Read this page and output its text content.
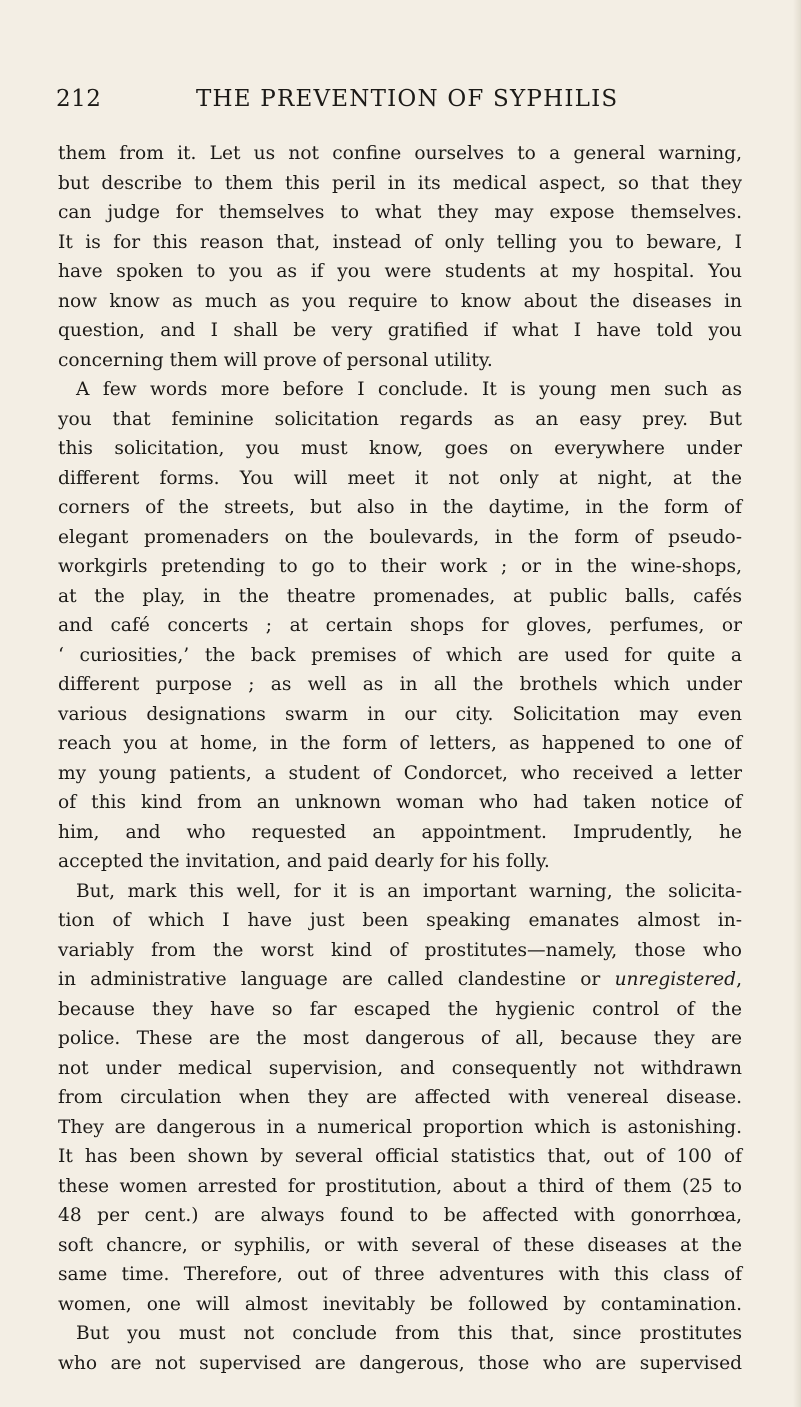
212	THE PREVENTION OF SYPHILIS
them from it. Let us not confine ourselves to a general warning,
but describe to them this peril in its medical aspect, so that they
can judge for themselves to what they may expose themselves.
It is for this reason that, instead of only telling you to beware, I
have spoken to you as if you were students at my hospital. You
now know as much as you require to know about the diseases in
question, and I shall be very gratified if what I have told you
concerning them will prove of personal utility.
A few words more before I conclude. It is young men such as
you that feminine solicitation regards as an easy prey. But
this solicitation, you must know, goes on everywhere under
different forms. You will meet it not only at night, at the
corners of the streets, but also in the daytime, in the form of
elegant promenaders on the boulevards, in the form of pseudo-
workgirls pretending to go to their work ; or in the wine-shops,
at the play, in the theatre promenades, at public balls, cafés
and café concerts ; at certain shops for gloves, perfumes, or
‘ curiosities,’ the back premises of which are used for quite a
different purpose ; as well as in all the brothels which under
various designations swarm in our city. Solicitation may even
reach you at home, in the form of letters, as happened to one of
my young patients, a student of Condorcet, who received a letter
of this kind from an unknown woman who had taken notice of
him, and who requested an appointment. Imprudently, he
accepted the invitation, and paid dearly for his folly.
But, mark this well, for it is an important warning, the solicita-
tion of which I have just been speaking emanates almost in-
variably from the worst kind of prostitutes—namely, those who
in administrative language are called clandestine or unregistered,
because they have so far escaped the hygienic control of the
police. These are the most dangerous of all, because they are
not under medical supervision, and consequently not withdrawn
from circulation when they are affected with venereal disease.
They are dangerous in a numerical proportion which is astonishing.
It has been shown by several official statistics that, out of 100 of
these women arrested for prostitution, about a third of them (25 to
48 per cent.) are always found to be affected with gonorrhœa,
soft chancre, or syphilis, or with several of these diseases at the
same time. Therefore, out of three adventures with this class of
women, one will almost inevitably be followed by contamination.
But you must not conclude from this that, since prostitutes
who are not supervised are dangerous, those who are supervised
